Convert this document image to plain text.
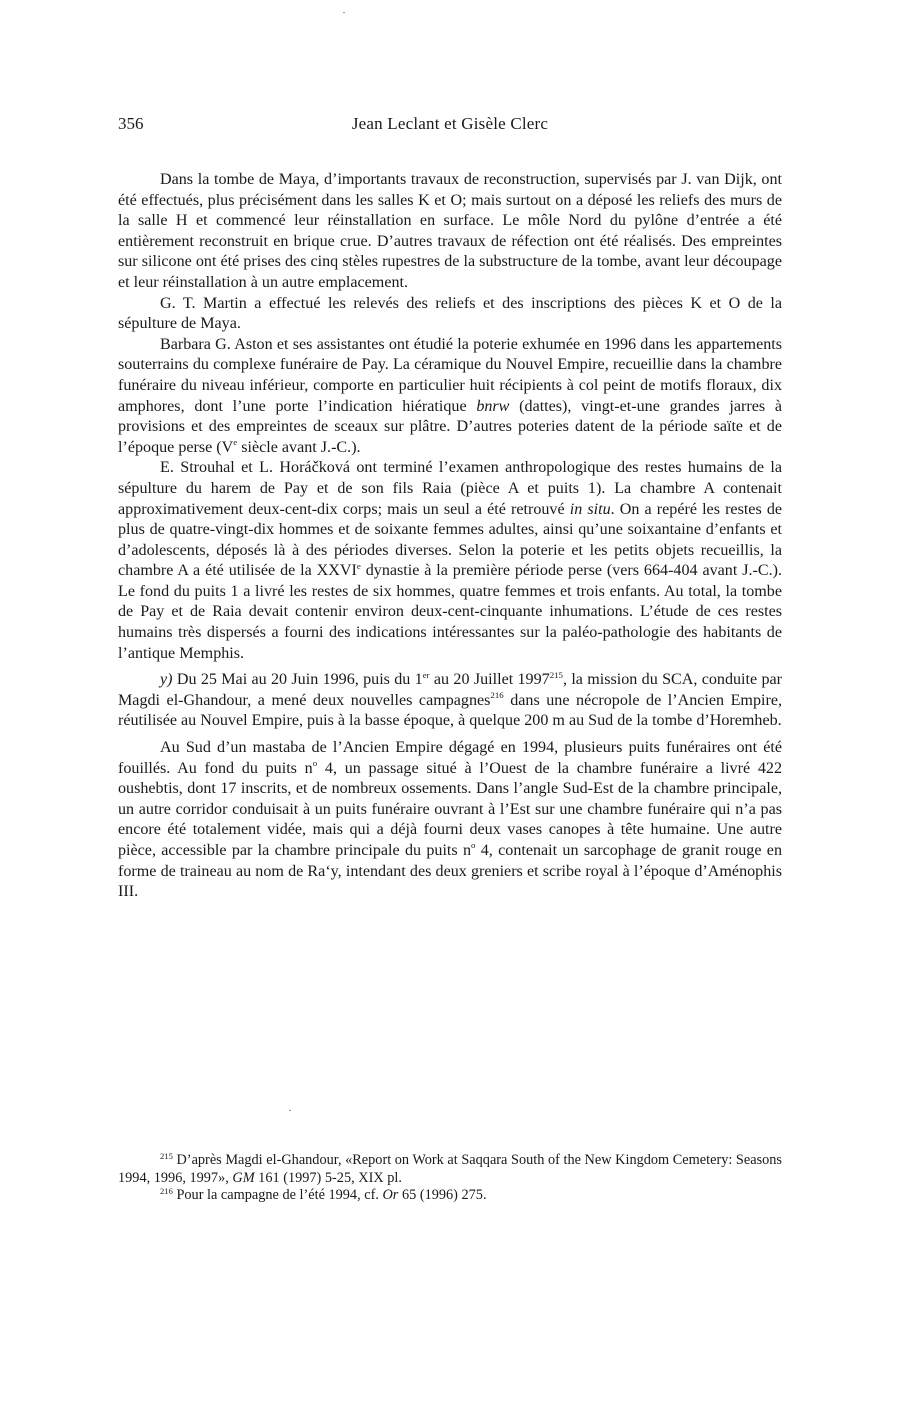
356	Jean Leclant et Gisèle Clerc

Dans la tombe de Maya, d’importants travaux de reconstruction, supervisés par J. van Dijk, ont été effectués, plus précisément dans les salles K et O; mais surtout on a déposé les reliefs des murs de la salle H et commencé leur réinstallation en surface. Le môle Nord du pylône d’entrée a été entièrement reconstruit en brique crue. D’autres travaux de réfection ont été réalisés. Des empreintes sur silicone ont été prises des cinq stèles rupestres de la substructure de la tombe, avant leur découpage et leur réinstallation à un autre emplacement.

G. T. Martin a effectué les relevés des reliefs et des inscriptions des pièces K et O de la sépulture de Maya.

Barbara G. Aston et ses assistantes ont étudié la poterie exhumée en 1996 dans les appartements souterrains du complexe funéraire de Pay. La céramique du Nouvel Empire, recueillie dans la chambre funéraire du niveau inférieur, comporte en particulier huit récipients à col peint de motifs floraux, dix amphores, dont l’une porte l’indication hiératique bnrw (dattes), vingt-et-une grandes jarres à provisions et des empreintes de sceaux sur plâtre. D’autres poteries datent de la période saïte et de l’époque perse (Ve siècle avant J.-C.).

E. Strouhal et L. Horáčková ont terminé l’examen anthropologique des restes humains de la sépulture du harem de Pay et de son fils Raia (pièce A et puits 1). La chambre A contenait approximativement deux-cent-dix corps; mais un seul a été retrouvé in situ. On a repéré les restes de plus de quatre-vingt-dix hommes et de soixante femmes adultes, ainsi qu’une soixantaine d’enfants et d’adolescents, déposés là à des périodes diverses. Selon la poterie et les petits objets recueillis, la chambre A a été utilisée de la XXVIe dynastie à la première période perse (vers 664-404 avant J.-C.). Le fond du puits 1 a livré les restes de six hommes, quatre femmes et trois enfants. Au total, la tombe de Pay et de Raia devait contenir environ deux-cent-cinquante inhumations. L’étude de ces restes humains très dispersés a fourni des indications intéressantes sur la paléo-pathologie des habitants de l’antique Memphis.

y) Du 25 Mai au 20 Juin 1996, puis du 1er au 20 Juillet 1997$^{215}$, la mission du SCA, conduite par Magdi el-Ghandour, a mené deux nouvelles campagnes$^{216}$ dans une nécropole de l’Ancien Empire, réutilisée au Nouvel Empire, puis à la basse époque, à quelque 200 m au Sud de la tombe d’Horemheb.

Au Sud d’un mastaba de l’Ancien Empire dégagé en 1994, plusieurs puits funéraires ont été fouillés. Au fond du puits $n^o$ 4, un passage situé à l’Ouest de la chambre funéraire a livré 422 oushebtis, dont 17 inscrits, et de nombreux ossements. Dans l’angle Sud-Est de la chambre principale, un autre corridor conduisait à un puits funéraire ouvrant à l’Est sur une chambre funéraire qui n’a pas encore été totalement vidée, mais qui a déjà fourni deux vases canopes à tête humaine. Une autre pièce, accessible par la chambre principale du puits $n^o$ 4, contenait un sarcophage de granit rouge en forme de traineau au nom de Ra‘y, intendant des deux greniers et scribe royal à l’époque d’Aménophis III.

$^{215}$ D’après Magdi el-Ghandour, «Report on Work at Saqqara South of the New Kingdom Cemetery: Seasons 1994, 1996, 1997», GM 161 (1997) 5-25, XIX pl.

$^{216}$ Pour la campagne de l’été 1994, cf. Or 65 (1996) 275.
